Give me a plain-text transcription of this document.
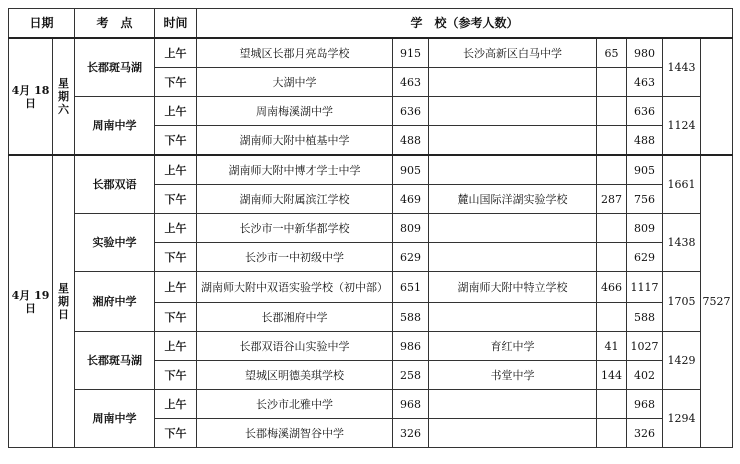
日期		考　点	时间	学　校（参考人数）						
4月 18日	星期六	长郡斑马湖	上午	望城区长郡月亮岛学校	915	长沙高新区白马中学	65	980	1443	
			下午	大湖中学	463			463		
		周南中学	上午	周南梅溪湖中学	636			636	1124	
			下午	湖南师大附中植基中学	488			488		
4月 19日	星期日	长郡双语	上午	湖南师大附中博才学士中学	905			905	1661	7527
			下午	湖南师大附属滨江学校	469	麓山国际洋湖实验学校	287	756		
		实验中学	上午	长沙市一中新华都学校	809			809	1438	
			下午	长沙市一中初级中学	629			629		
		湘府中学	上午	湖南师大附中双语实验学校（初中部）	651	湖南师大附中特立学校	466	1117	1705	
			下午	长郡湘府中学	588			588		
		长郡斑马湖	上午	长郡双语谷山实验中学	986	育红中学	41	1027	1429	
			下午	望城区明德美琪学校	258	书堂中学	144	402		
		周南中学	上午	长沙市北雅中学	968			968	1294	
			下午	长郡梅溪湖智谷中学	326			326		
